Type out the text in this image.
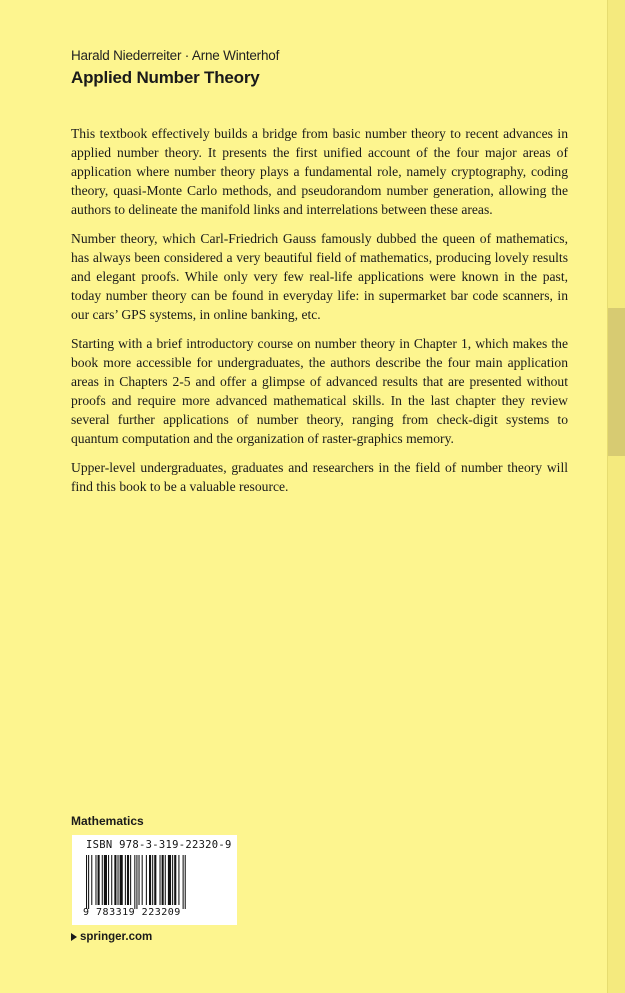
Harald Niederreiter · Arne Winterhof
Applied Number Theory

This textbook effectively builds a bridge from basic number theory to recent advances in applied number theory. It presents the first unified account of the four major areas of application where number theory plays a fundamental role, namely cryptography, coding theory, quasi-Monte Carlo methods, and pseudorandom number generation, allowing the authors to delineate the manifold links and interrelations between these areas.

Number theory, which Carl-Friedrich Gauss famously dubbed the queen of mathematics, has always been considered a very beautiful field of mathematics, producing lovely results and elegant proofs. While only very few real-life applications were known in the past, today number theory can be found in everyday life: in supermarket bar code scanners, in our cars’ GPS systems, in online banking, etc.

Starting with a brief introductory course on number theory in Chapter 1, which makes the book more accessible for undergraduates, the authors describe the four main application areas in Chapters 2-5 and offer a glimpse of advanced results that are presented without proofs and require more advanced mathematical skills. In the last chapter they review several further applications of number theory, ranging from check-digit systems to quantum computation and the organization of raster-graphics memory.

Upper-level undergraduates, graduates and researchers in the field of number theory will find this book to be a valuable resource.

Mathematics
ISBN 978-3-319-22320-9
9 783319 223209
springer.com
